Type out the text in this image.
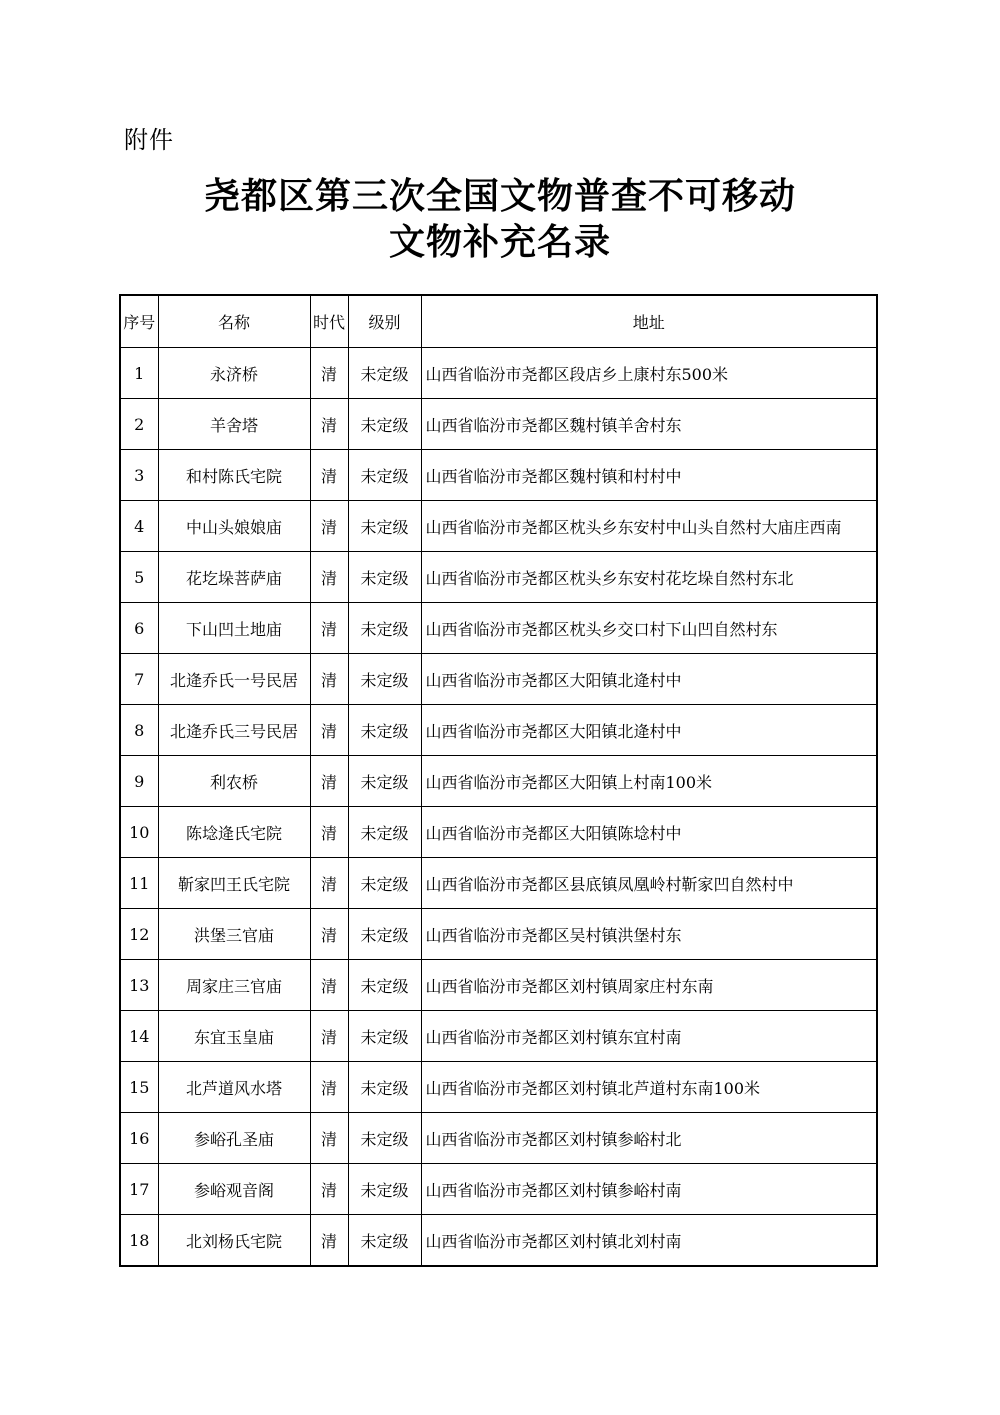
附件
尧都区第三次全国文物普查不可移动
文物补充名录
序号	名称	时代	级别	地址
1	永济桥	清	未定级	山西省临汾市尧都区段店乡上康村东500米
2	羊舍塔	清	未定级	山西省临汾市尧都区魏村镇羊舍村东
3	和村陈氏宅院	清	未定级	山西省临汾市尧都区魏村镇和村村中
4	中山头娘娘庙	清	未定级	山西省临汾市尧都区枕头乡东安村中山头自然村大庙庄西南
5	花圪垛菩萨庙	清	未定级	山西省临汾市尧都区枕头乡东安村花圪垛自然村东北
6	下山凹土地庙	清	未定级	山西省临汾市尧都区枕头乡交口村下山凹自然村东
7	北逄乔氏一号民居	清	未定级	山西省临汾市尧都区大阳镇北逄村中
8	北逄乔氏三号民居	清	未定级	山西省临汾市尧都区大阳镇北逄村中
9	利农桥	清	未定级	山西省临汾市尧都区大阳镇上村南100米
10	陈埝逄氏宅院	清	未定级	山西省临汾市尧都区大阳镇陈埝村中
11	靳家凹王氏宅院	清	未定级	山西省临汾市尧都区县底镇凤凰岭村靳家凹自然村中
12	洪堡三官庙	清	未定级	山西省临汾市尧都区吴村镇洪堡村东
13	周家庄三官庙	清	未定级	山西省临汾市尧都区刘村镇周家庄村东南
14	东宜玉皇庙	清	未定级	山西省临汾市尧都区刘村镇东宜村南
15	北芦道风水塔	清	未定级	山西省临汾市尧都区刘村镇北芦道村东南100米
16	参峪孔圣庙	清	未定级	山西省临汾市尧都区刘村镇参峪村北
17	参峪观音阁	清	未定级	山西省临汾市尧都区刘村镇参峪村南
18	北刘杨氏宅院	清	未定级	山西省临汾市尧都区刘村镇北刘村南
